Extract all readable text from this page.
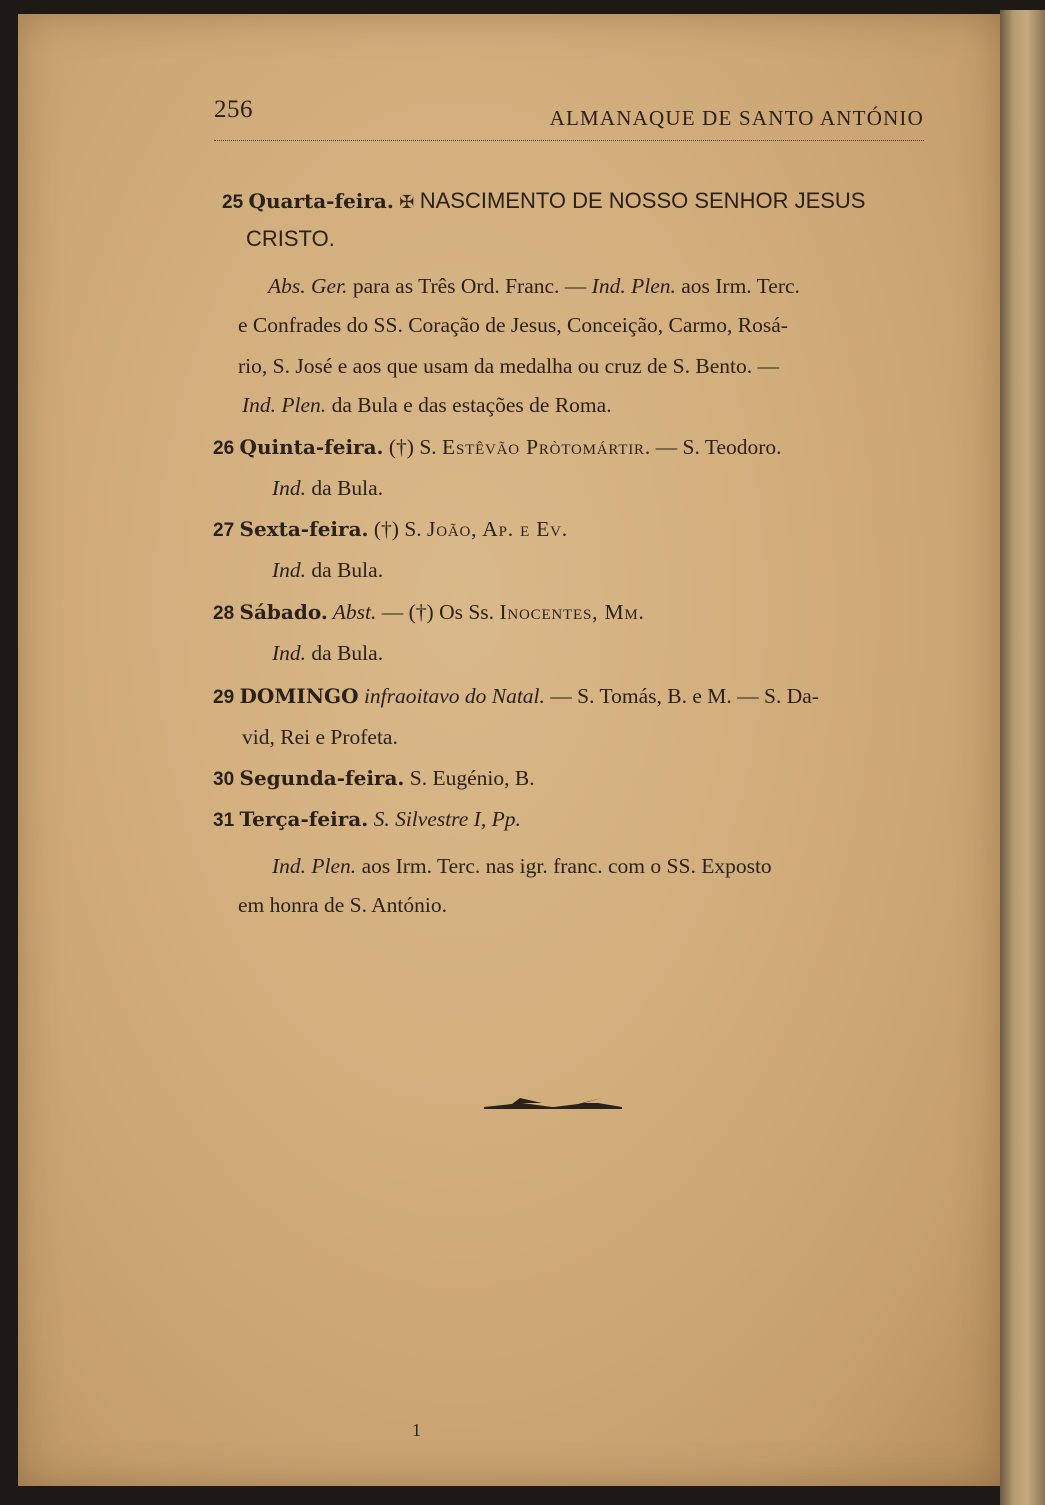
256	ALMANAQUE DE SANTO ANTÓNIO
25 Quarta-feira. ✠ NASCIMENTO DE NOSSO SENHOR JESUS
CRISTO.
Abs. Ger. para as Três Ord. Franc. — Ind. Plen. aos Irm. Terc.
e Confrades do SS. Coração de Jesus, Conceição, Carmo, Rosá-
rio, S. José e aos que usam da medalha ou cruz de S. Bento. —
Ind. Plen. da Bula e das estações de Roma.
26 Quinta-feira. (†) S. Estêvão Pròtomártir. — S. Teodoro.
Ind. da Bula.
27 Sexta-feira. (†) S. João, Ap. e Ev.
Ind. da Bula.
28 Sábado. Abst. — (†) Os Ss. Inocentes, Mm.
Ind. da Bula.
29 DOMINGO infraoitavo do Natal. — S. Tomás, B. e M. — S. Da-
vid, Rei e Profeta.
30 Segunda-feira. S. Eugénio, B.
31 Terça-feira. S. Silvestre I, Pp.
Ind. Plen. aos Irm. Terc. nas igr. franc. com o SS. Exposto
em honra de S. António.
1
